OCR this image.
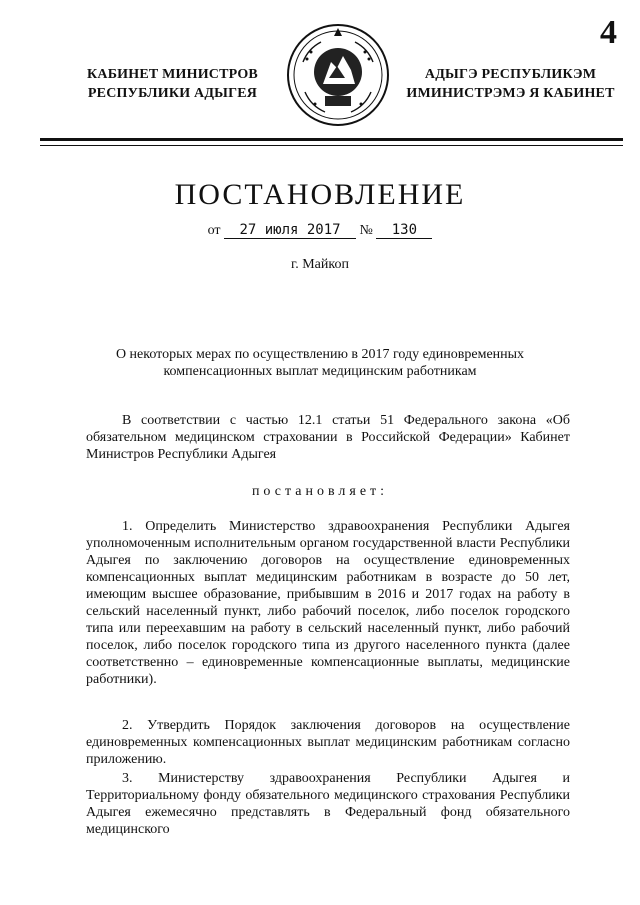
4
КАБИНЕТ МИНИСТРОВ
РЕСПУБЛИКИ АДЫГЕЯ
АДЫГЭ РЕСПУБЛИКЭМ
ИМИНИСТРЭМЭ Я КАБИНЕТ
ПОСТАНОВЛЕНИЕ
от 27 июля 2017 № 130
г. Майкоп
О некоторых мерах по осуществлению в 2017 году единовременных компенсационных выплат медицинским работникам

В соответствии с частью 12.1 статьи 51 Федерального закона «Об обязательном медицинском страховании в Российской Федерации» Кабинет Министров Республики Адыгея

постановляет:

1. Определить Министерство здравоохранения Республики Адыгея уполномоченным исполнительным органом государственной власти Республики Адыгея по заключению договоров на осуществление единовременных компенсационных выплат медицинским работникам в возрасте до 50 лет, имеющим высшее образование, прибывшим в 2016 и 2017 годах на работу в сельский населенный пункт, либо рабочий поселок, либо поселок городского типа или переехавшим на работу в сельский населенный пункт, либо рабочий поселок, либо поселок городского типа из другого населенного пункта (далее соответственно – единовременные компенсационные выплаты, медицинские работники).

2. Утвердить Порядок заключения договоров на осуществление единовременных компенсационных выплат медицинским работникам согласно приложению.

3. Министерству здравоохранения Республики Адыгея и Территориальному фонду обязательного медицинского страхования Республики Адыгея ежемесячно представлять в Федеральный фонд обязательного медицинского
